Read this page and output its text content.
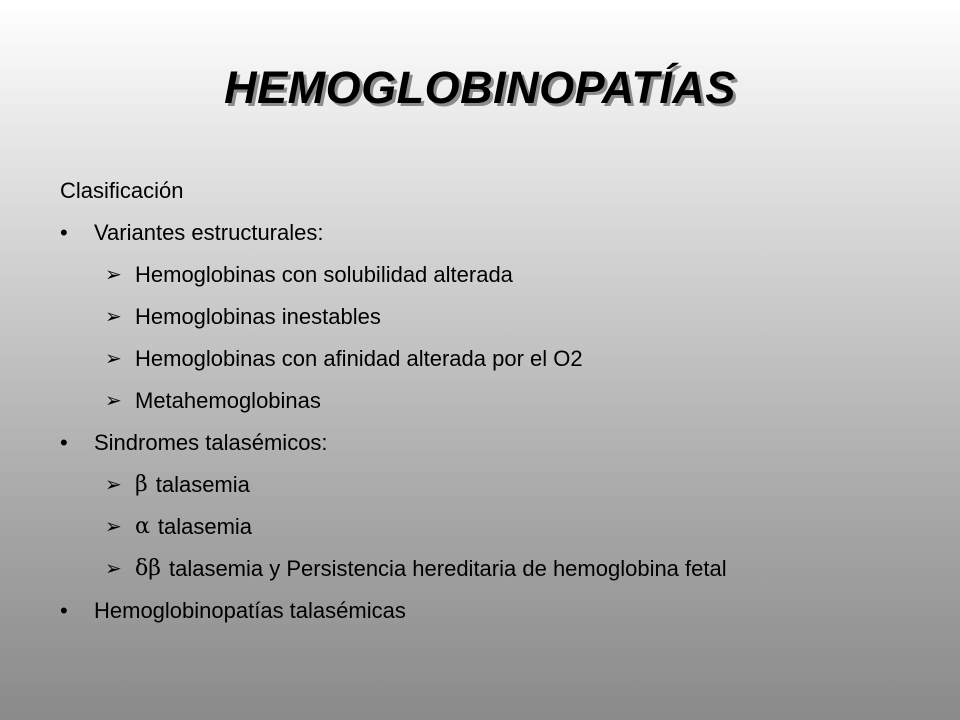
HEMOGLOBINOPATÍAS
Clasificación
•	Variantes estructurales:
➢ Hemoglobinas con solubilidad alterada
➢ Hemoglobinas inestables
➢ Hemoglobinas con afinidad alterada por el O2
➢ Metahemoglobinas
•	Sindromes talasémicos:
➢ β talasemia
➢ α talasemia
➢ δβ talasemia y Persistencia hereditaria de hemoglobina fetal
•	Hemoglobinopatías talasémicas
